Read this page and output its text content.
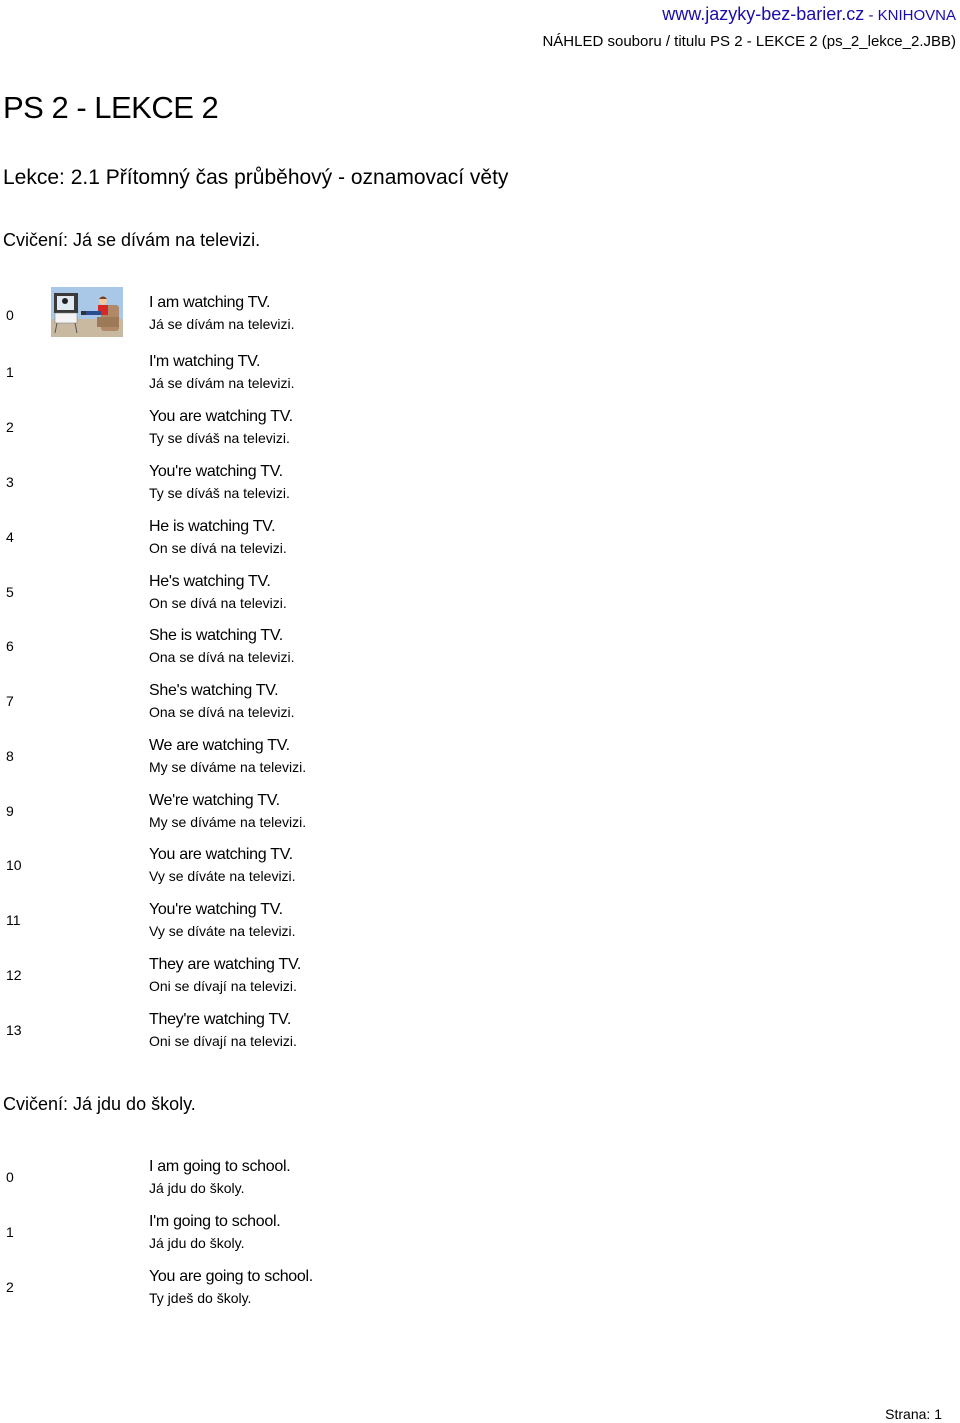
www.jazyky-bez-barier.cz - KNIHOVNA
NÁHLED souboru / titulu PS 2 - LEKCE 2 (ps_2_lekce_2.JBB)
PS 2 - LEKCE 2
Lekce: 2.1 Přítomný čas průběhový - oznamovací věty
Cvičení: Já se dívám na televizi.
0
I am watching TV.
Já se dívám na televizi.
1
I'm watching TV.
Já se dívám na televizi.
2
You are watching TV.
Ty se díváš na televizi.
3
You're watching TV.
Ty se díváš na televizi.
4
He is watching TV.
On se dívá na televizi.
5
He's watching TV.
On se dívá na televizi.
6
She is watching TV.
Ona se dívá na televizi.
7
She's watching TV.
Ona se dívá na televizi.
8
We are watching TV.
My se díváme na televizi.
9
We're watching TV.
My se díváme na televizi.
10
You are watching TV.
Vy se díváte na televizi.
11
You're watching TV.
Vy se díváte na televizi.
12
They are watching TV.
Oni se dívají na televizi.
13
They're watching TV.
Oni se dívají na televizi.
Cvičení: Já jdu do školy.
0
I am going to school.
Já jdu do školy.
1
I'm going to school.
Já jdu do školy.
2
You are going to school.
Ty jdeš do školy.
Strana: 1
